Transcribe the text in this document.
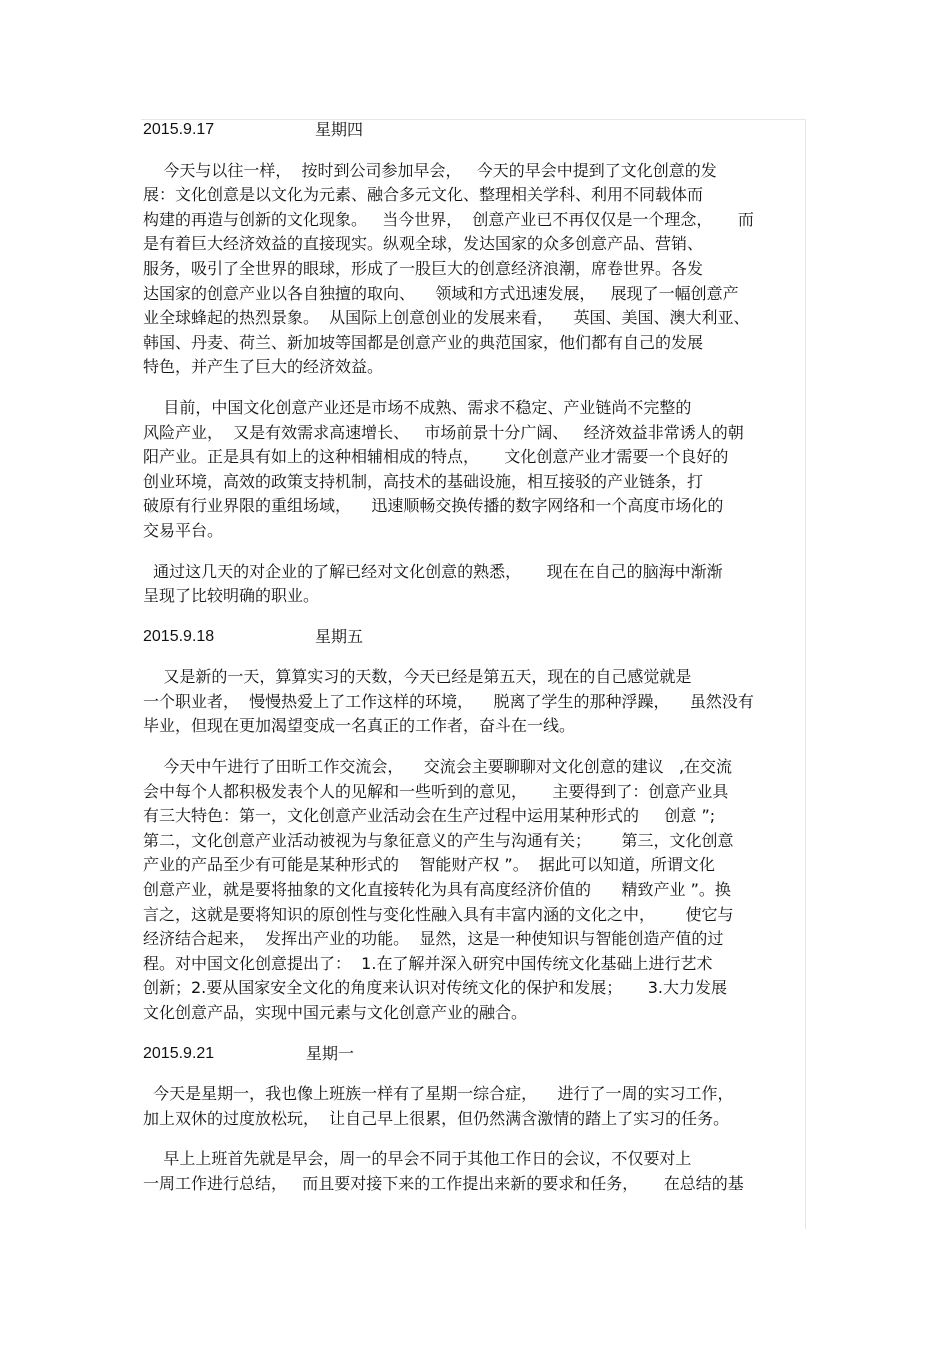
2015.9.17	星期四
今天与以往一样，  按时到公司参加早会，   今天的早会中提到了文化创意的发
展：文化创意是以文化为元素、融合多元文化、整理相关学科、利用不同载体而
构建的再造与创新的文化现象。   当今世界，  创意产业已不再仅仅是一个理念，     而
是有着巨大经济效益的直接现实。纵观全球，发达国家的众多创意产品、营销、
服务，吸引了全世界的眼球，形成了一股巨大的创意经济浪潮，席卷世界。各发
达国家的创意产业以各自独擅的取向、    领域和方式迅速发展，   展现了一幅创意产
业全球蜂起的热烈景象。  从国际上创意创业的发展来看，    英国、美国、澳大利亚、
韩国、丹麦、荷兰、新加坡等国都是创意产业的典范国家，他们都有自己的发展
特色，并产生了巨大的经济效益。
目前，中国文化创意产业还是市场不成熟、需求不稳定、产业链尚不完整的
风险产业，  又是有效需求高速增长、   市场前景十分广阔、   经济效益非常诱人的朝
阳产业。正是具有如上的这种相辅相成的特点，     文化创意产业才需要一个良好的
创业环境，高效的政策支持机制，高技术的基础设施，相互接驳的产业链条，打
破原有行业界限的重组场域，    迅速顺畅交换传播的数字网络和一个高度市场化的
交易平台。
通过这几天的对企业的了解已经对文化创意的熟悉，     现在在自己的脑海中渐渐
呈现了比较明确的职业。
2015.9.18	星期五
又是新的一天，算算实习的天数，今天已经是第五天，现在的自己感觉就是
一个职业者，  慢慢热爱上了工作这样的环境，    脱离了学生的那种浮躁，    虽然没有
毕业，但现在更加渴望变成一名真正的工作者，奋斗在一线。
今天中午进行了田昕工作交流会，    交流会主要聊聊对文化创意的建议   ,在交流
会中每个人都积极发表个人的见解和一些听到的意见，     主要得到了：创意产业具
有三大特色：第一，文化创意产业活动会在生产过程中运用某种形式的     创意 ”;
第二，文化创意产业活动被视为与象征意义的产生与沟通有关；      第三，文化创意
产业的产品至少有可能是某种形式的    智能财产权 ”。  据此可以知道，所谓文化
创意产业，就是要将抽象的文化直接转化为具有高度经济价值的      精致产业 ”。换
言之，这就是要将知识的原创性与变化性融入具有丰富内涵的文化之中，      使它与
经济结合起来，  发挥出产业的功能。  显然，这是一种使知识与智能创造产值的过
程。对中国文化创意提出了：  1.在了解并深入研究中国传统文化基础上进行艺术
创新；2.要从国家安全文化的角度来认识对传统文化的保护和发展；     3.大力发展
文化创意产品，实现中国元素与文化创意产业的融合。
2015.9.21	星期一
今天是星期一，我也像上班族一样有了星期一综合症，    进行了一周的实习工作，
加上双休的过度放松玩，  让自己早上很累，但仍然满含激情的踏上了实习的任务。
早上上班首先就是早会，周一的早会不同于其他工作日的会议，不仅要对上
一周工作进行总结，   而且要对接下来的工作提出来新的要求和任务，     在总结的基
